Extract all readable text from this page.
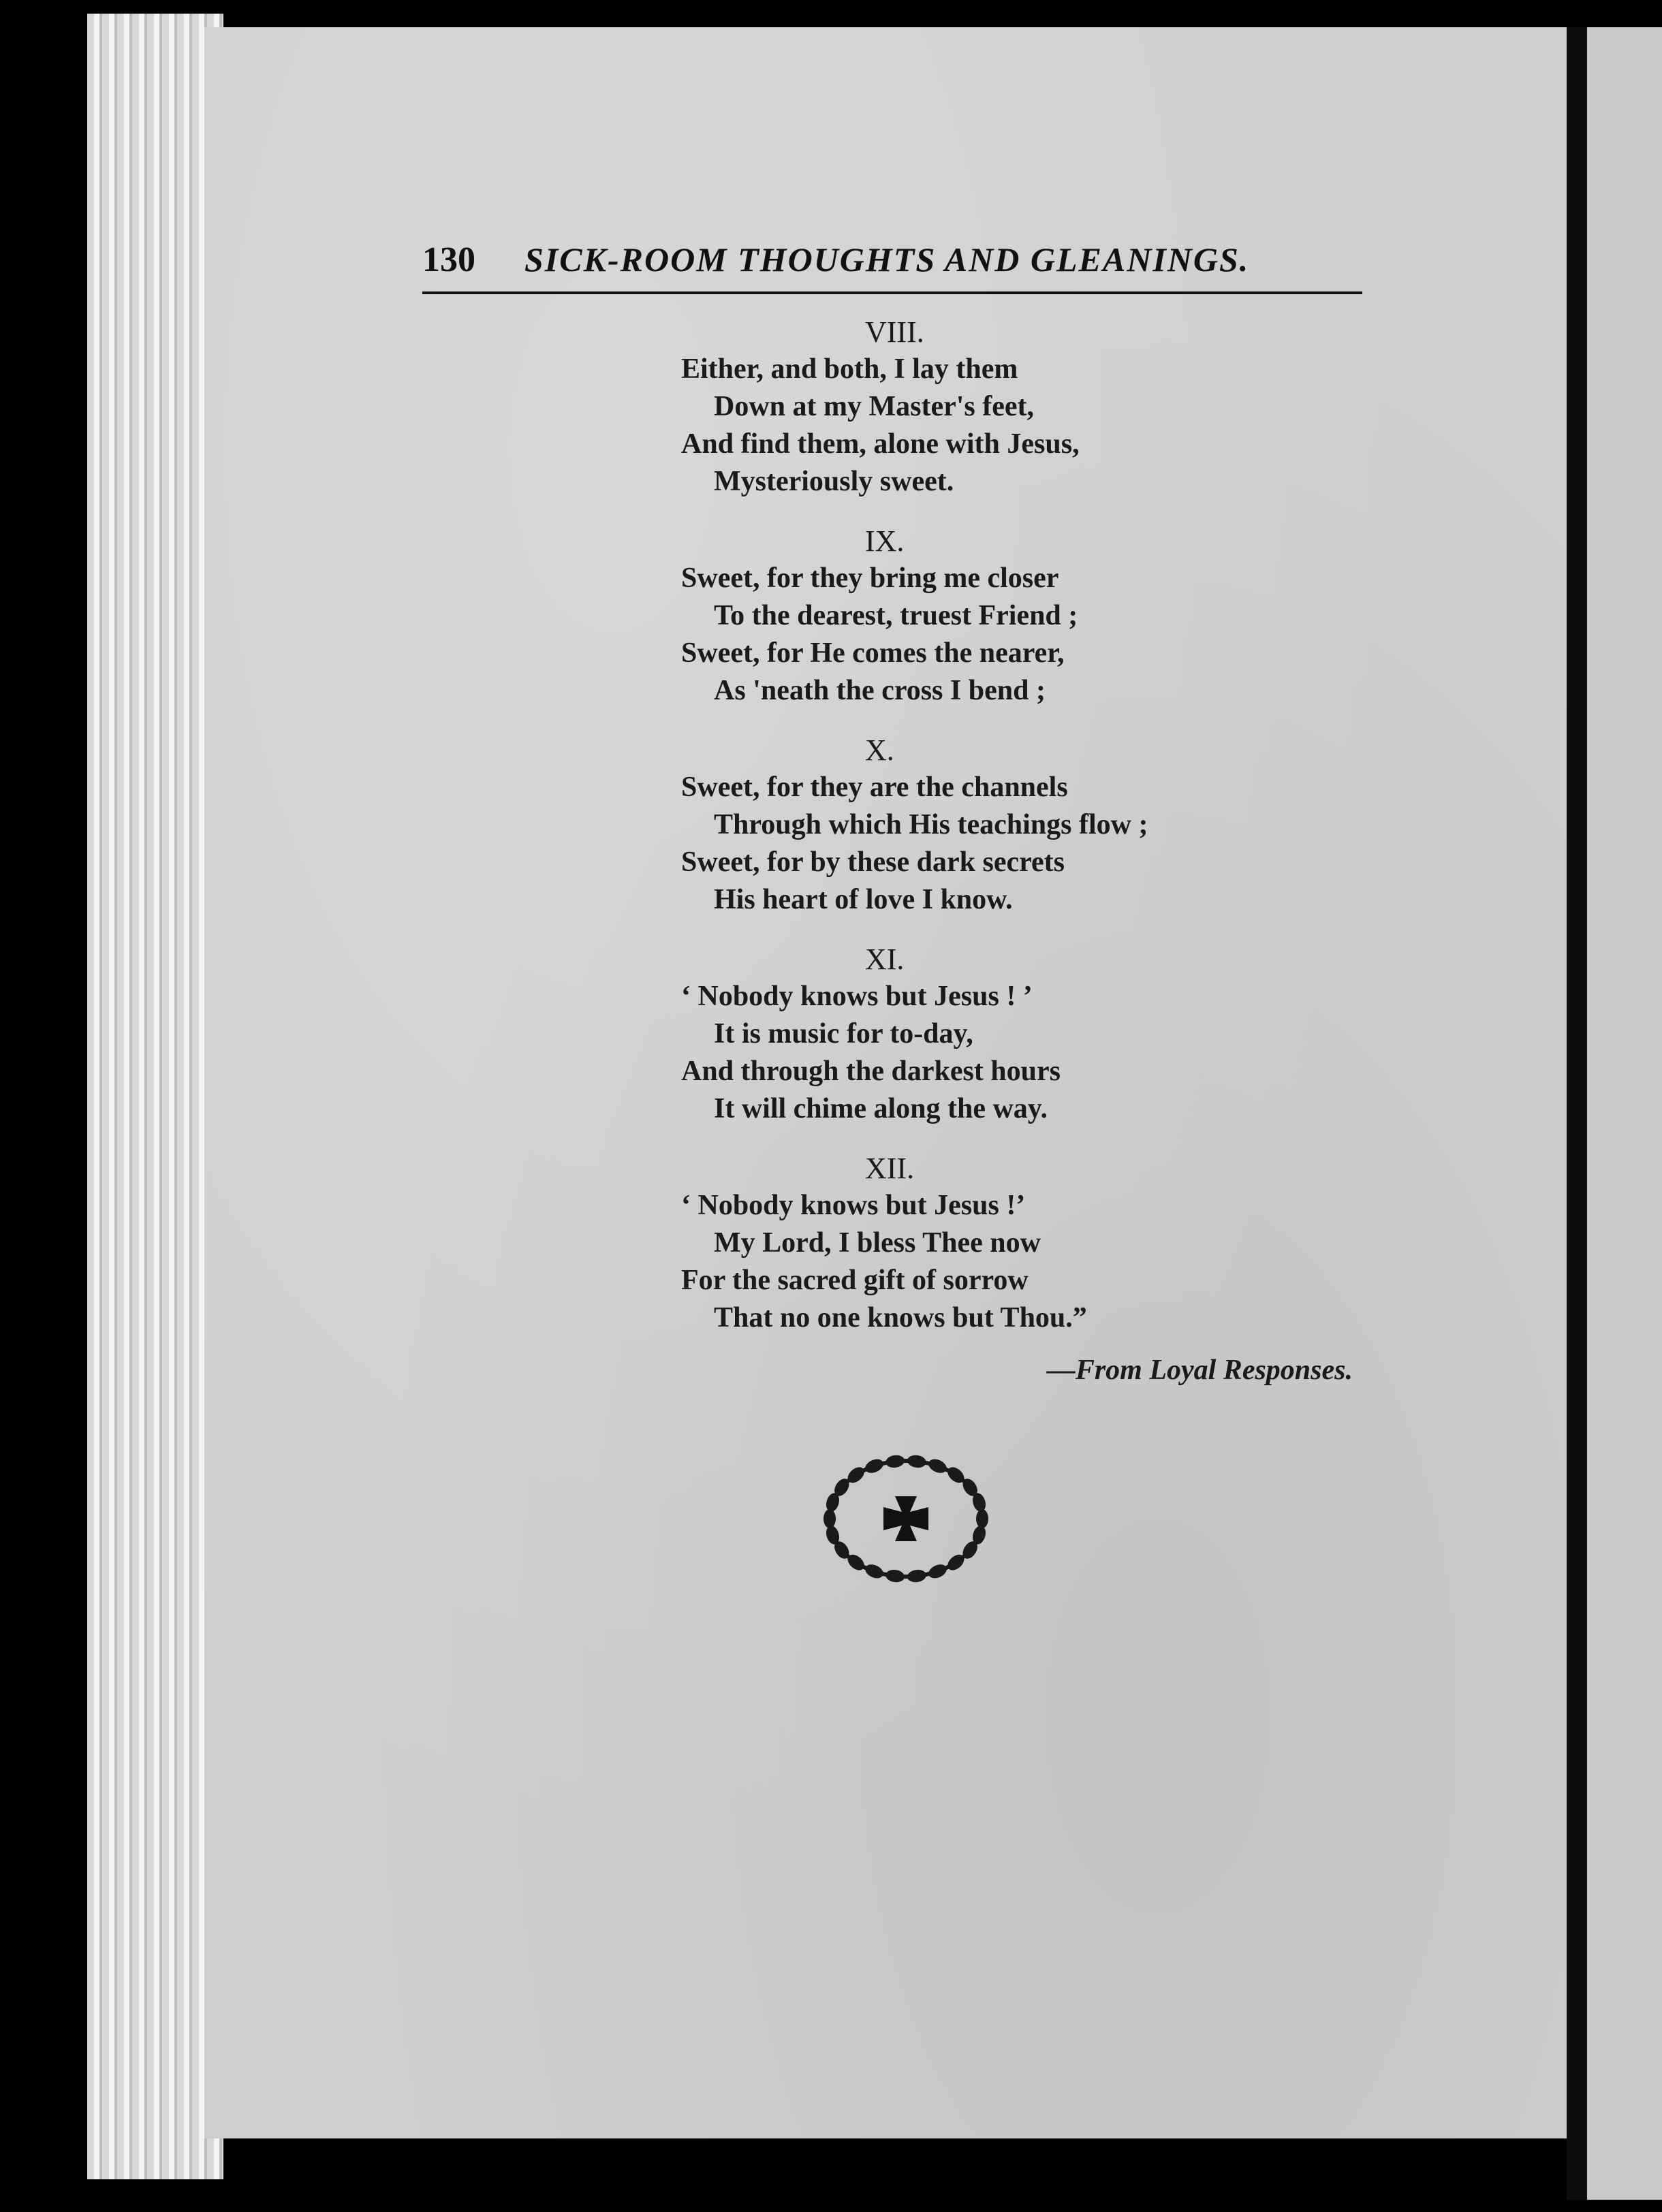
130 SICK-ROOM THOUGHTS AND GLEANINGS.
VIII.
Either, and both, I lay them
Down at my Master's feet,
And find them, alone with Jesus,
Mysteriously sweet.
IX.
Sweet, for they bring me closer
To the dearest, truest Friend ;
Sweet, for He comes the nearer,
As 'neath the cross I bend ;
X.
Sweet, for they are the channels
Through which His teachings flow ;
Sweet, for by these dark secrets
His heart of love I know.
XI.
‘ Nobody knows but Jesus ! ’
It is music for to-day,
And through the darkest hours
It will chime along the way.
XII.
‘ Nobody knows but Jesus !’
My Lord, I bless Thee now
For the sacred gift of sorrow
That no one knows but Thou.”
—From Loyal Responses.
